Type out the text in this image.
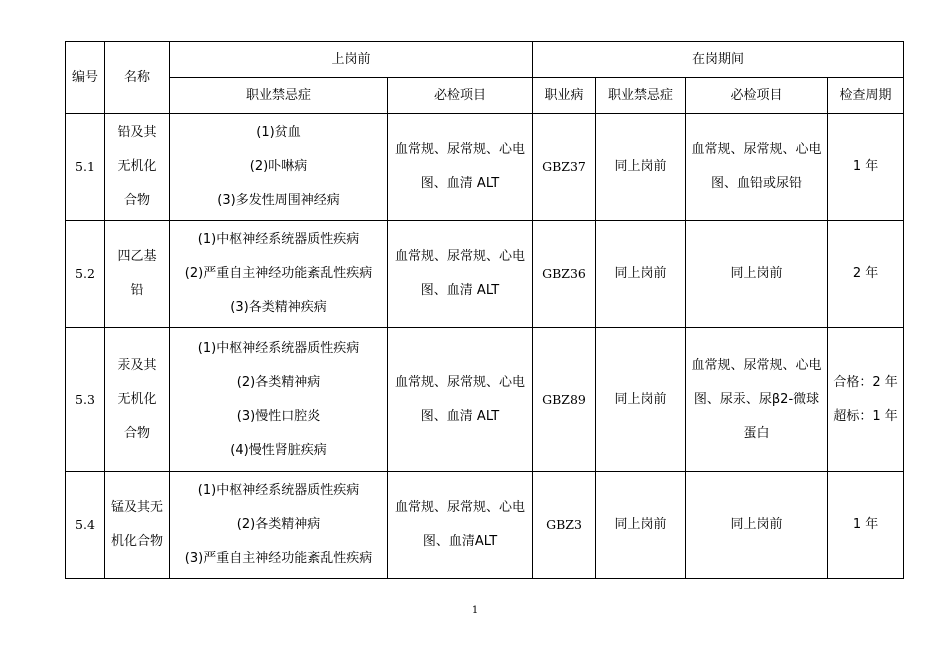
编号	名称	上岗前		在岗期间			
		职业禁忌症	必检项目	职业病	职业禁忌症	必检项目	检查周期
5.1	铅及其
无机化
合物	(1)贫血
(2)卟啉病
(3)多发性周围神经病	血常规、尿常规、心电
图、血清 ALT	GBZ37	同上岗前	血常规、尿常规、心电
图、血铅或尿铅	1 年

5.2	四乙基
铅	(1)中枢神经系统器质性疾病
(2)严重自主神经功能紊乱性疾病
(3)各类精神疾病	血常规、尿常规、心电
图、血清 ALT	GBZ36	同上岗前	同上岗前	2 年

5.3	汞及其
无机化
合物	(1)中枢神经系统器质性疾病
(2)各类精神病
(3)慢性口腔炎
(4)慢性肾脏疾病	血常规、尿常规、心电
图、血清 ALT	GBZ89	同上岗前	血常规、尿常规、心电
图、尿汞、尿β2-微球
蛋白	合格：2 年
超标：1 年

5.4	锰及其无
机化合物	(1)中枢神经系统器质性疾病
(2)各类精神病
(3)严重自主神经功能紊乱性疾病	血常规、尿常规、心电
图、血清ALT	GBZ3	同上岗前	同上岗前	1 年
1
